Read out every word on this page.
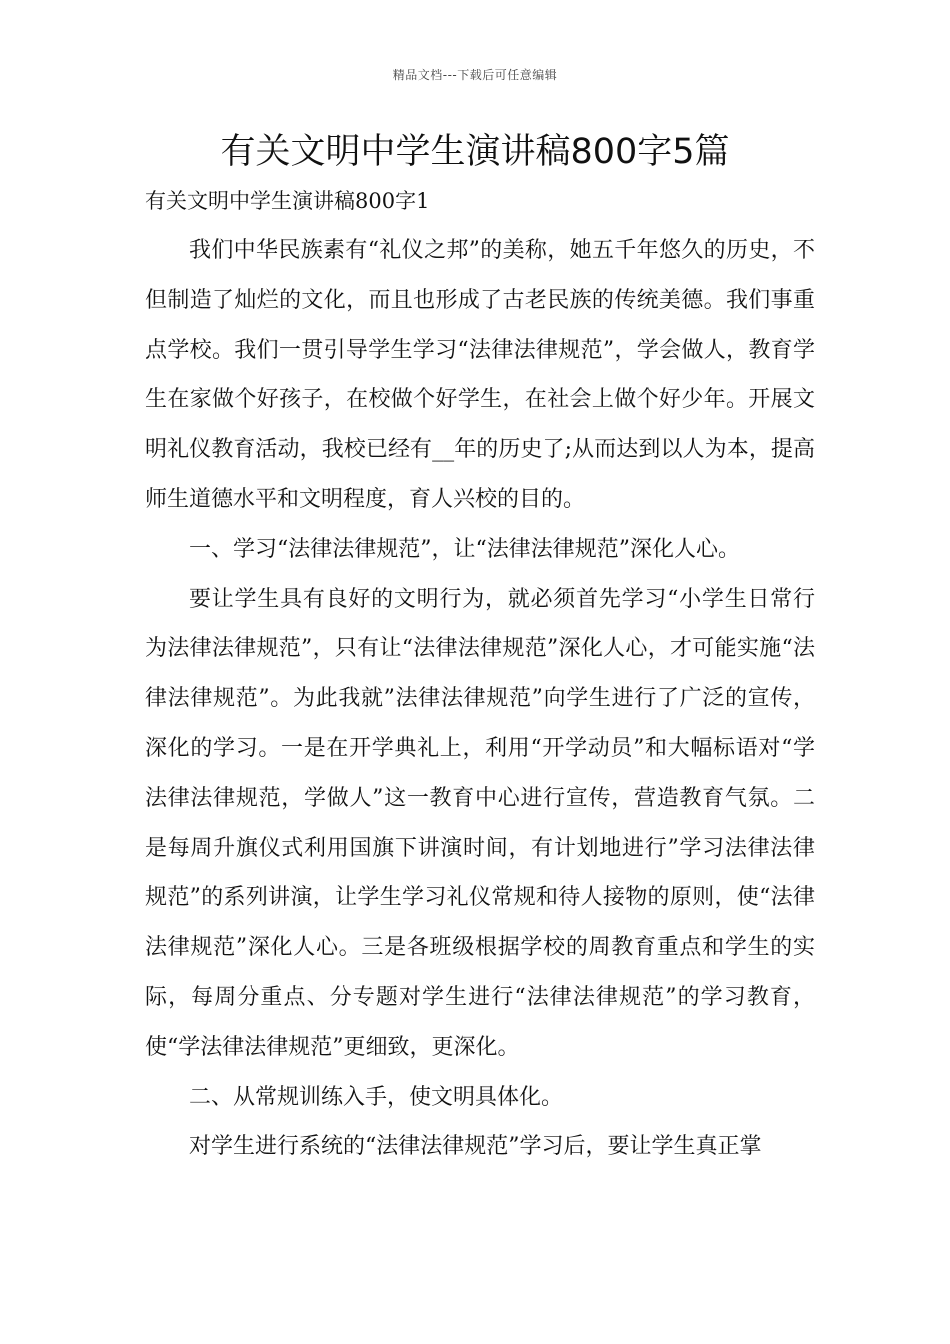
精品文档---下载后可任意编辑
有关文明中学生演讲稿800字5篇

有关文明中学生演讲稿800字1

我们中华民族素有“礼仪之邦”的美称，她五千年悠久的历史，不但制造了灿烂的文化，而且也形成了古老民族的传统美德。我们事重点学校。我们一贯引导学生学习“法律法律规范”，学会做人，教育学生在家做个好孩子，在校做个好学生，在社会上做个好少年。开展文明礼仪教育活动，我校已经有__年的历史了;从而达到以人为本，提高师生道德水平和文明程度，育人兴校的目的。

一、学习“法律法律规范”，让“法律法律规范”深化人心。

要让学生具有良好的文明行为，就必须首先学习“小学生日常行为法律法律规范”，只有让“法律法律规范”深化人心，才可能实施“法律法律规范”。为此我就”法律法律规范”向学生进行了广泛的宣传，深化的学习。一是在开学典礼上，利用“开学动员”和大幅标语对“学法律法律规范，学做人”这一教育中心进行宣传，营造教育气氛。二是每周升旗仪式利用国旗下讲演时间，有计划地进行”学习法律法律规范”的系列讲演，让学生学习礼仪常规和待人接物的原则，使“法律法律规范”深化人心。三是各班级根据学校的周教育重点和学生的实际，每周分重点、分专题对学生进行“法律法律规范”的学习教育，使“学法律法律规范”更细致，更深化。

二、从常规训练入手，使文明具体化。

对学生进行系统的“法律法律规范”学习后，要让学生真正掌
